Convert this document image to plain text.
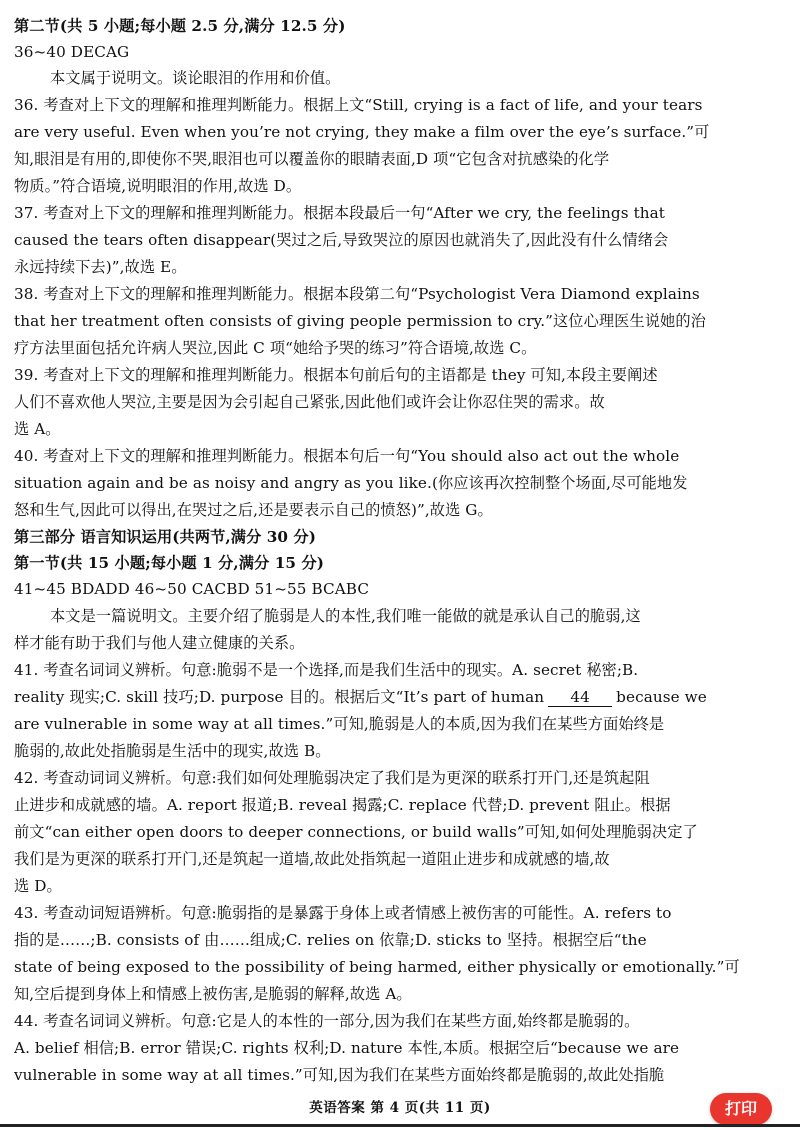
第二节(共 5 小题;每小题 2.5 分,满分 12.5 分)
36~40 DECAG
本文属于说明文。谈论眼泪的作用和价值。
36. 考查对上下文的理解和推理判断能力。根据上文“Still, crying is a fact of life, and your tears
are very useful. Even when you’re not crying, they make a film over the eye’s surface.”可
知,眼泪是有用的,即使你不哭,眼泪也可以覆盖你的眼睛表面,D 项“它包含对抗感染的化学
物质。”符合语境,说明眼泪的作用,故选 D。
37. 考查对上下文的理解和推理判断能力。根据本段最后一句“After we cry, the feelings that
caused the tears often disappear(哭过之后,导致哭泣的原因也就消失了,因此没有什么情绪会
永远持续下去)”,故选 E。
38. 考查对上下文的理解和推理判断能力。根据本段第二句“Psychologist Vera Diamond explains
that her treatment often consists of giving people permission to cry.”这位心理医生说她的治
疗方法里面包括允许病人哭泣,因此 C 项“她给予哭的练习”符合语境,故选 C。
39. 考查对上下文的理解和推理判断能力。根据本句前后句的主语都是 they 可知,本段主要阐述
人们不喜欢他人哭泣,主要是因为会引起自己紧张,因此他们或许会让你忍住哭的需求。故
选 A。
40. 考查对上下文的理解和推理判断能力。根据本句后一句“You should also act out the whole
situation again and be as noisy and angry as you like.(你应该再次控制整个场面,尽可能地发
怒和生气,因此可以得出,在哭过之后,还是要表示自己的愤怒)”,故选 G。
第三部分 语言知识运用(共两节,满分 30 分)
第一节(共 15 小题;每小题 1 分,满分 15 分)
41~45 BDADD 46~50 CACBD 51~55 BCABC
本文是一篇说明文。主要介绍了脆弱是人的本性,我们唯一能做的就是承认自己的脆弱,这
样才能有助于我们与他人建立健康的关系。
41. 考查名词词义辨析。句意:脆弱不是一个选择,而是我们生活中的现实。A. secret 秘密;B.
reality 现实;C. skill 技巧;D. purpose 目的。根据后文“It’s part of human 44 because we
are vulnerable in some way at all times.”可知,脆弱是人的本质,因为我们在某些方面始终是
脆弱的,故此处指脆弱是生活中的现实,故选 B。
42. 考查动词词义辨析。句意:我们如何处理脆弱决定了我们是为更深的联系打开门,还是筑起阻
止进步和成就感的墙。A. report 报道;B. reveal 揭露;C. replace 代替;D. prevent 阻止。根据
前文“can either open doors to deeper connections, or build walls”可知,如何处理脆弱决定了
我们是为更深的联系打开门,还是筑起一道墙,故此处指筑起一道阻止进步和成就感的墙,故
选 D。
43. 考查动词短语辨析。句意:脆弱指的是暴露于身体上或者情感上被伤害的可能性。A. refers to
指的是……;B. consists of 由……组成;C. relies on 依靠;D. sticks to 坚持。根据空后“the
state of being exposed to the possibility of being harmed, either physically or emotionally.”可
知,空后提到身体上和情感上被伤害,是脆弱的解释,故选 A。
44. 考查名词词义辨析。句意:它是人的本性的一部分,因为我们在某些方面,始终都是脆弱的。
A. belief 相信;B. error 错误;C. rights 权利;D. nature 本性,本质。根据空后“because we are
vulnerable in some way at all times.”可知,因为我们在某些方面始终都是脆弱的,故此处指脆
英语答案 第 4 页(共 11 页)	打印
